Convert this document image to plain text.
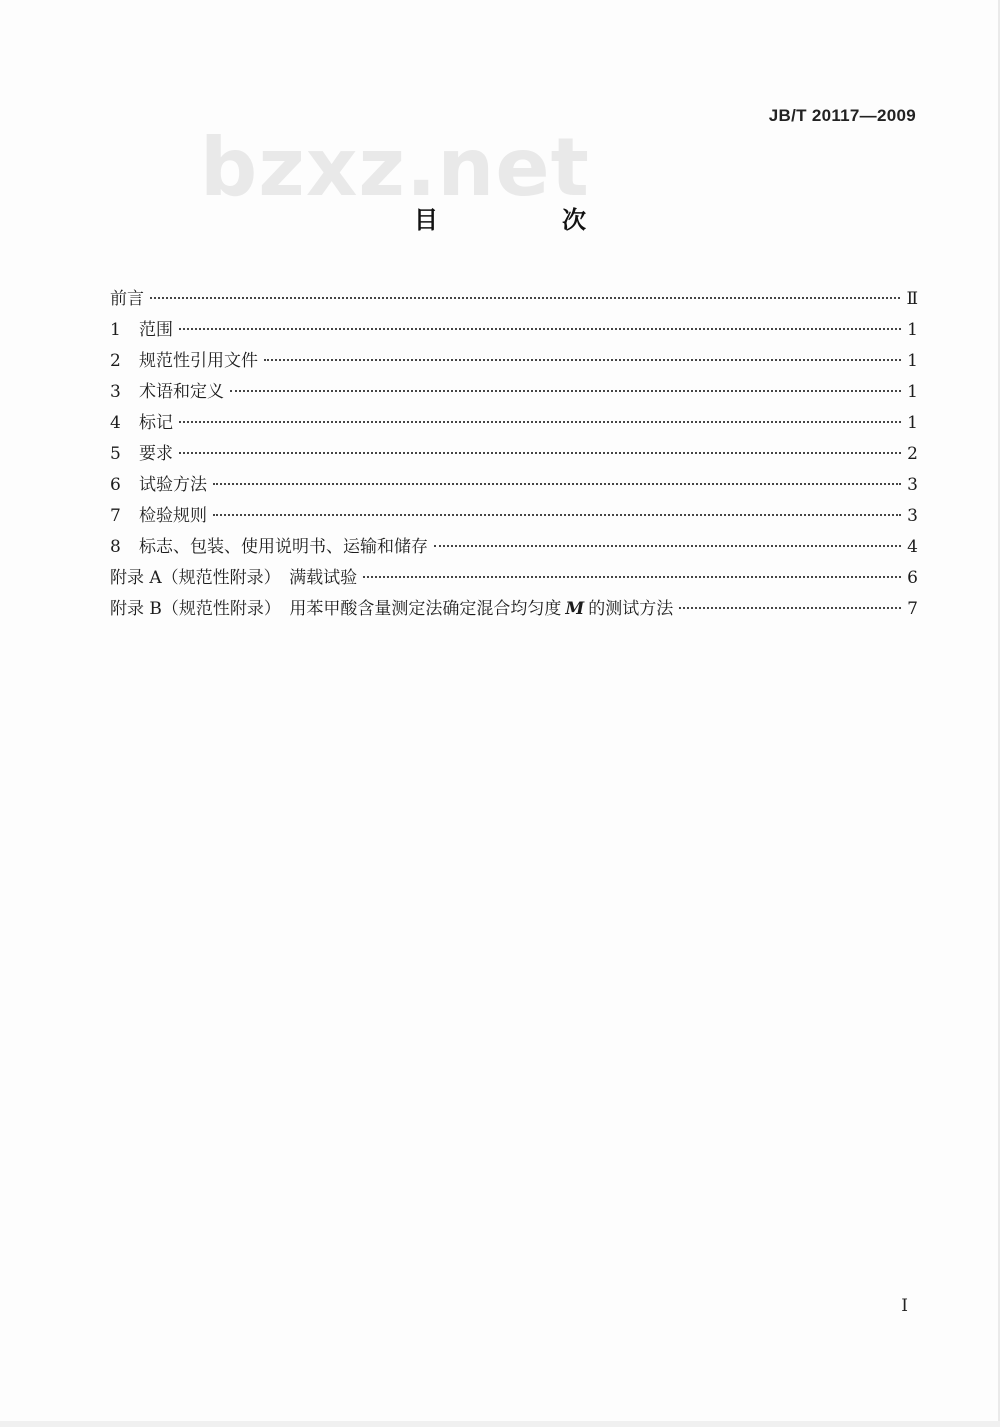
bzxz.net
JB/T 20117—2009
目　次
前言	Ⅱ
1	范围	1
2	规范性引用文件	1
3	术语和定义	1
4	标记	1
5	要求	2
6	试验方法	3
7	检验规则	3
8	标志、包装、使用说明书、运输和储存	4
附录 A（规范性附录）　满载试验	6
附录 B（规范性附录）　用苯甲酸含量测定法确定混合均匀度 M 的测试方法	7
I
